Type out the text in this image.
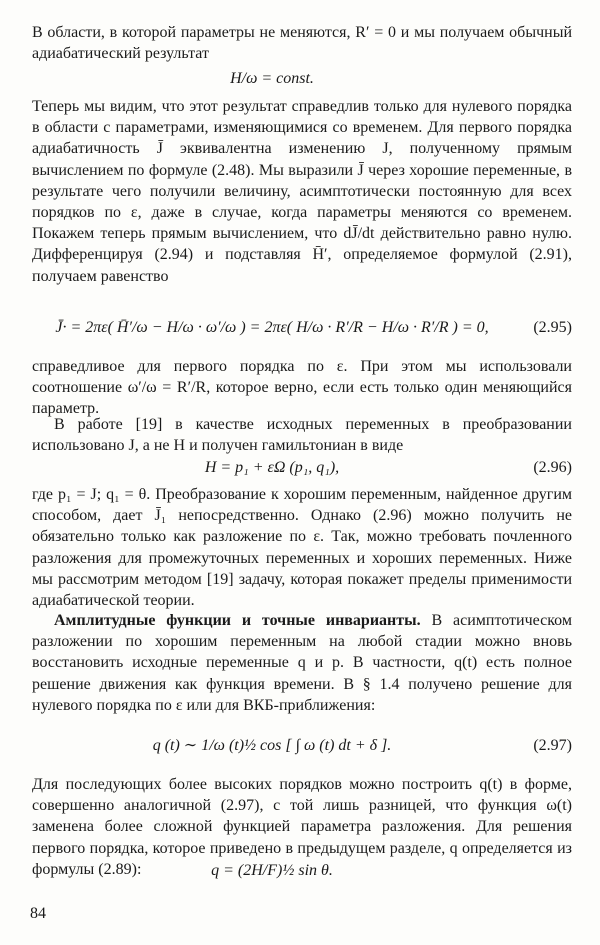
В области, в которой параметры не меняются, R′ = 0 и мы получаем обычный адиабатический результат
H/ω = const.
Теперь мы видим, что этот результат справедлив только для нулевого порядка в области с параметрами, изменяющимися со временем. Для первого порядка адиабатичность J̄ эквивалентна изменению J, полученному прямым вычислением по формуле (2.48). Мы выразили J̄ через хорошие переменные, в результате чего получили величину, асимптотически постоянную для всех порядков по ε, даже в случае, когда параметры меняются со временем. Покажем теперь прямым вычислением, что dJ̄/dt действительно равно нулю. Дифференцируя (2.94) и подставляя H̄′, определяемое формулой (2.91), получаем равенство
J̄· = 2πε( H̄′/ω − H/ω · ω′/ω ) = 2πε( H/ω · R′/R − H/ω · R′/R ) = 0,	(2.95)
справедливое для первого порядка по ε. При этом мы использовали соотношение ω′/ω = R′/R, которое верно, если есть только один меняющийся параметр.
В работе [19] в качестве исходных переменных в преобразовании использовано J, а не H и получен гамильтониан в виде
H = p₁ + εΩ (p₁, q₁),	(2.96)
где p₁ = J; q₁ = θ. Преобразование к хорошим переменным, найденное другим способом, дает J̄₁ непосредственно. Однако (2.96) можно получить не обязательно только как разложение по ε. Так, можно требовать почленного разложения для промежуточных переменных и хороших переменных. Ниже мы рассмотрим методом [19] задачу, которая покажет пределы применимости адиабатической теории.
Амплитудные функции и точные инварианты. В асимптотическом разложении по хорошим переменным на любой стадии можно вновь восстановить исходные переменные q и p. В частности, q(t) есть полное решение движения как функция времени. В § 1.4 получено решение для нулевого порядка по ε или для ВКБ-приближения:
q (t) ∼ 1/ω (t)½ cos [ ∫ ω (t) dt + δ ].	(2.97)
Для последующих более высоких порядков можно построить q(t) в форме, совершенно аналогичной (2.97), с той лишь разницей, что функция ω(t) заменена более сложной функцией параметра разложения. Для решения первого порядка, которое приведено в предыдущем разделе, q определяется из формулы (2.89):	q = (2H/F)½ sin θ.
84
